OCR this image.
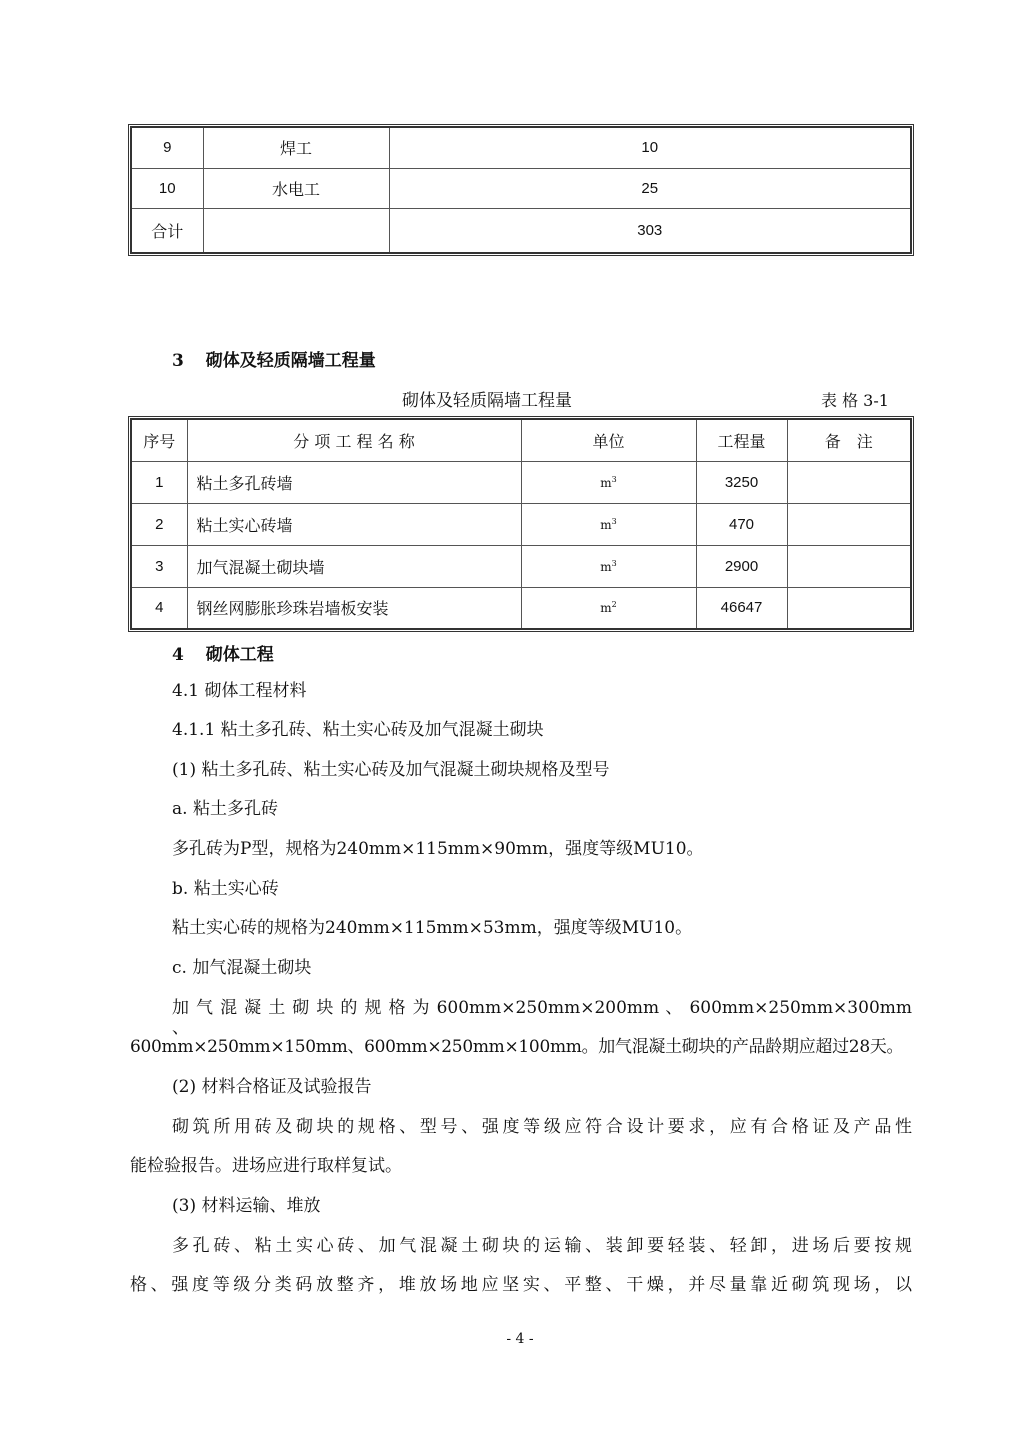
9	焊工	10
10	水电工	25
合计		303
3 砌体及轻质隔墙工程量
砌体及轻质隔墙工程量	表 格 3-1
序号	分 项 工 程 名 称	单位	工程量	备　注
1	粘土多孔砖墙	$m^3$	3250	
2	粘土实心砖墙	$m^3$	470	
3	加气混凝土砌块墙	$m^3$	2900	
4	钢丝网膨胀珍珠岩墙板安装	$m^2$	46647	
4 砌体工程
4.1 砌体工程材料
4.1.1 粘土多孔砖、粘土实心砖及加气混凝土砌块
(1) 粘土多孔砖、粘土实心砖及加气混凝土砌块规格及型号
a. 粘土多孔砖
多孔砖为P型，规格为240mm×115mm×90mm，强度等级MU10。
b. 粘土实心砖
粘土实心砖的规格为240mm×115mm×53mm，强度等级MU10。
c. 加气混凝土砌块
加 气 混 凝 土 砌 块 的 规 格 为 600mm×250mm×200mm 、 600mm×250mm×300mm 、
600mm×250mm×150mm、600mm×250mm×100mm。加气混凝土砌块的产品龄期应超过28天。
(2) 材料合格证及试验报告
砌筑所用砖及砌块的规格、型号、强度等级应符合设计要求，应有合格证及产品性
能检验报告。进场应进行取样复试。
(3) 材料运输、堆放
多孔砖、粘土实心砖、加气混凝土砌块的运输、装卸要轻装、轻卸，进场后要按规
格、强度等级分类码放整齐，堆放场地应坚实、平整、干燥，并尽量靠近砌筑现场，以
- 4 -
